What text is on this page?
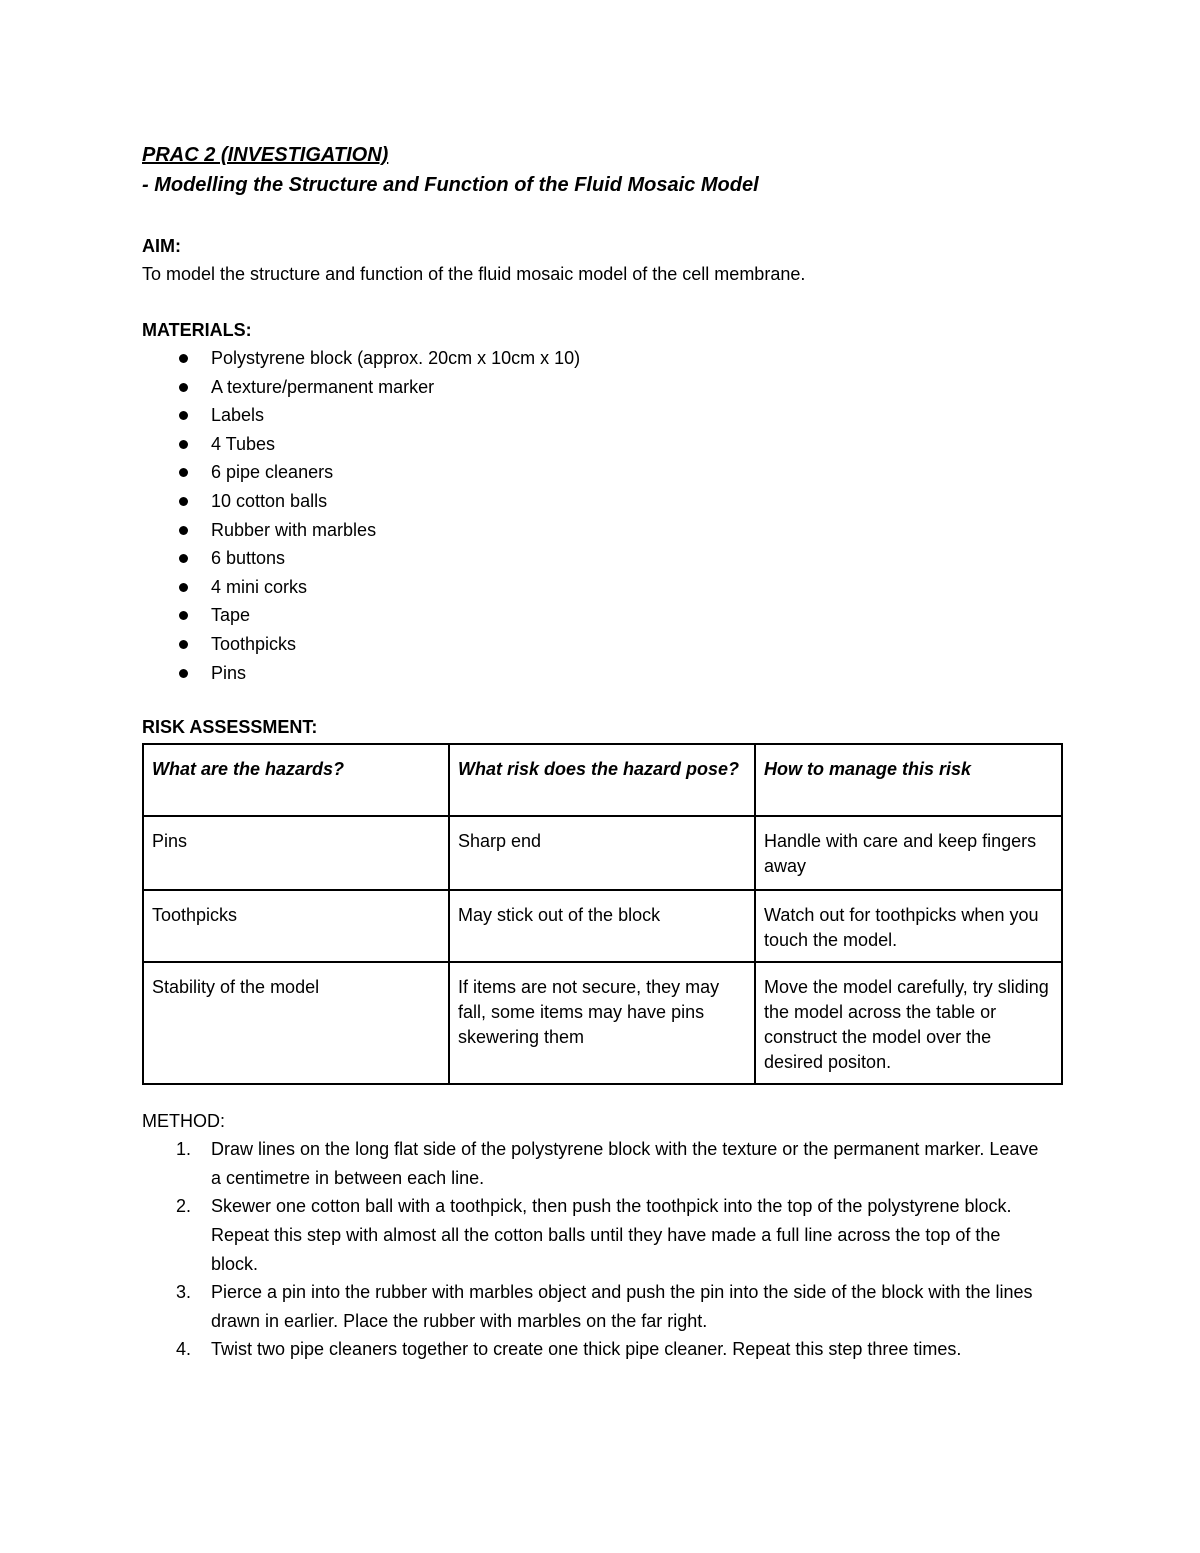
PRAC 2 (INVESTIGATION)

- Modelling the Structure and Function of the Fluid Mosaic Model

AIM:

To model the structure and function of the fluid mosaic model of the cell membrane.

MATERIALS:

Polystyrene block (approx. 20cm x 10cm x 10)
A texture/permanent marker
Labels
4 Tubes
6 pipe cleaners
10 cotton balls
Rubber with marbles
6 buttons
4 mini corks
Tape
Toothpicks
Pins

RISK ASSESSMENT:

What are the hazards?	What risk does the hazard pose?	How to manage this risk
Pins	Sharp end	Handle with care and keep fingers away
Toothpicks	May stick out of the block	Watch out for toothpicks when you touch the model.
Stability of the model	If items are not secure, they may fall, some items may have pins skewering them	Move the model carefully, try sliding the model across the table or construct the model over the desired positon.

METHOD:

1. Draw lines on the long flat side of the polystyrene block with the texture or the permanent marker. Leave a centimetre in between each line.
2. Skewer one cotton ball with a toothpick, then push the toothpick into the top of the polystyrene block. Repeat this step with almost all the cotton balls until they have made a full line across the top of the block.
3. Pierce a pin into the rubber with marbles object and push the pin into the side of the block with the lines drawn in earlier. Place the rubber with marbles on the far right.
4. Twist two pipe cleaners together to create one thick pipe cleaner. Repeat this step three times.
